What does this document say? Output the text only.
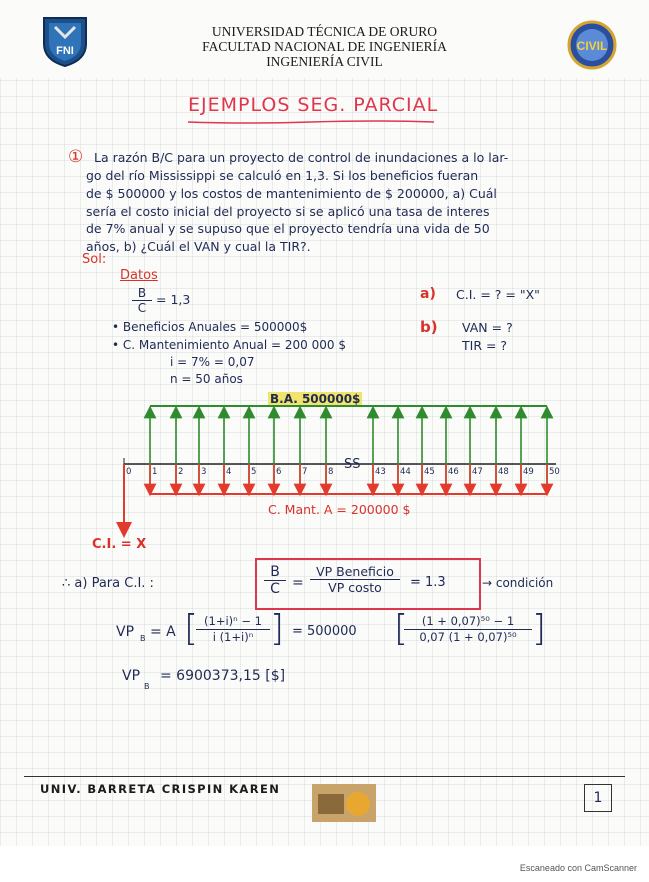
FNI
UNIVERSIDAD TÉCNICA DE ORURO
FACULTAD NACIONAL DE INGENIERÍA
INGENIERÍA CIVIL
CIVIL
EJEMPLOS SEG. PARCIAL
① La razón B/C para un proyecto de control de inundaciones a lo lar-
go del río Mississippi se calculó en 1,3. Si los beneficios fueran
de $ 500000 y los costos de mantenimiento de $ 200000, a) Cuál
sería el costo inicial del proyecto si se aplicó una tasa de interes
de 7% anual y se supuso que el proyecto tendría una vida de 50
años, b) ¿Cuál el VAN y cual la TIR?.
Sol:
Datos
$\frac{B}{C} = 1,3$
• Beneficios Anuales = 500000$
• C. Mantenimiento Anual = 200 000 $
i = 7% = 0,07
n = 50 años
a) C.I. = ? = "X"
b) VAN = ?
TIR = ?
B.A. 500000$
0 1 2 3 4 5 6 7 8 SS 43 44 45 46 47 48 49 50
C. Mant. A = 200000 $
C.I. = X
∴ a) Para C.I. :	$\frac{B}{C}$ =
VP Beneficio
VP costo	= 1.3	→ condición
VP B = A [
$\frac{\text{(1+i)ⁿ − 1}}{\text{i (1+i)ⁿ}}$ ] = 500000 [
$\frac{\text{(1 + 0,07)⁵⁰ − 1}}{\text{0,07 (1 + 0,07)⁵⁰}}$ ]
VP
B
= 6900373,15 [$]
UNIV. BARRETA CRISPIN KAREN
1
Escaneado con CamScanner
